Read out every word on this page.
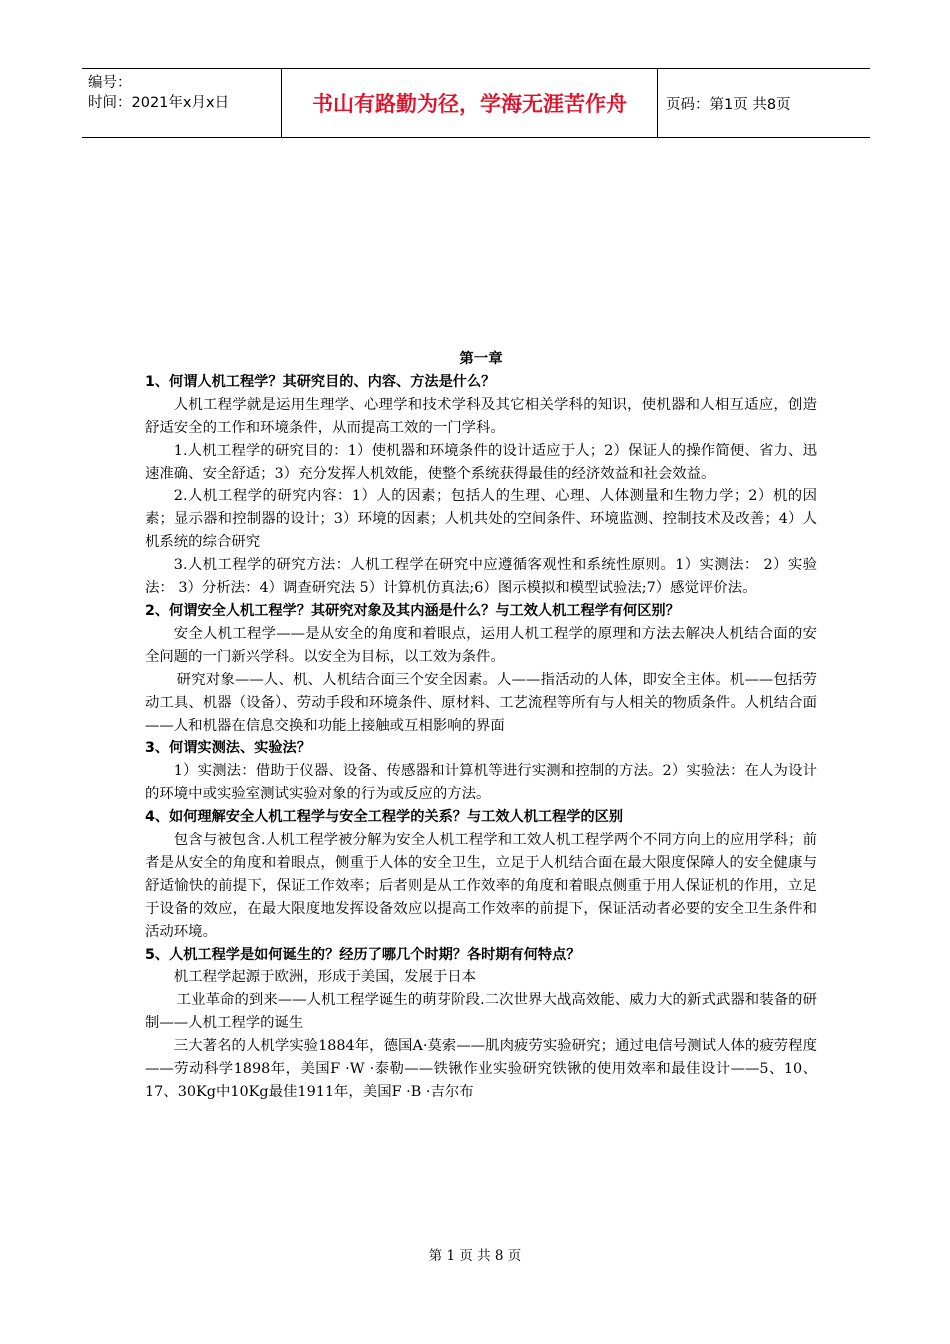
编号：
时间：2021年x月x日	书山有路勤为径，学海无涯苦作舟	页码：第1页 共8页
第一章
1、何谓人机工程学？其研究目的、内容、方法是什么？
人机工程学就是运用生理学、心理学和技术学科及其它相关学科的知识，使机器和人相互适应，创造舒适安全的工作和环境条件，从而提高工效的一门学科。
1.人机工程学的研究目的：1）使机器和环境条件的设计适应于人；2）保证人的操作简便、省力、迅速准确、安全舒适；3）充分发挥人机效能，使整个系统获得最佳的经济效益和社会效益。
2.人机工程学的研究内容：1）人的因素；包括人的生理、心理、人体测量和生物力学；2）机的因素；显示器和控制器的设计；3）环境的因素；人机共处的空间条件、环境监测、控制技术及改善；4）人机系统的综合研究
3.人机工程学的研究方法：人机工程学在研究中应遵循客观性和系统性原则。1）实测法： 2）实验法： 3）分析法：4）调查研究法 5）计算机仿真法;6）图示模拟和模型试验法;7）感觉评价法。
2、何谓安全人机工程学？其研究对象及其内涵是什么？与工效人机工程学有何区别？
安全人机工程学——是从安全的角度和着眼点，运用人机工程学的原理和方法去解决人机结合面的安全问题的一门新兴学科。以安全为目标，以工效为条件。
研究对象——人、机、人机结合面三个安全因素。人——指活动的人体，即安全主体。机——包括劳动工具、机器（设备）、劳动手段和环境条件、原材料、工艺流程等所有与人相关的物质条件。人机结合面——人和机器在信息交换和功能上接触或互相影响的界面
3、何谓实测法、实验法？
1）实测法：借助于仪器、设备、传感器和计算机等进行实测和控制的方法。2）实验法：在人为设计的环境中或实验室测试实验对象的行为或反应的方法。
4、如何理解安全人机工程学与安全工程学的关系？与工效人机工程学的区别
包含与被包含.人机工程学被分解为安全人机工程学和工效人机工程学两个不同方向上的应用学科；前者是从安全的角度和着眼点，侧重于人体的安全卫生，立足于人机结合面在最大限度保障人的安全健康与舒适愉快的前提下，保证工作效率；后者则是从工作效率的角度和着眼点侧重于用人保证机的作用，立足于设备的效应，在最大限度地发挥设备效应以提高工作效率的前提下，保证活动者必要的安全卫生条件和活动环境。
5、人机工程学是如何诞生的？经历了哪几个时期？各时期有何特点？
机工程学起源于欧洲，形成于美国，发展于日本
工业革命的到来——人机工程学诞生的萌芽阶段.二次世界大战高效能、威力大的新式武器和装备的研制——人机工程学的诞生
三大著名的人机学实验1884年，德国A·莫索——肌肉疲劳实验研究；通过电信号测试人体的疲劳程度——劳动科学1898年，美国F ·W ·泰勒——铁锹作业实验研究铁锹的使用效率和最佳设计——5、10、17、30Kg中10Kg最佳1911年，美国F ·B ·吉尔布
第 1 页 共 8 页
